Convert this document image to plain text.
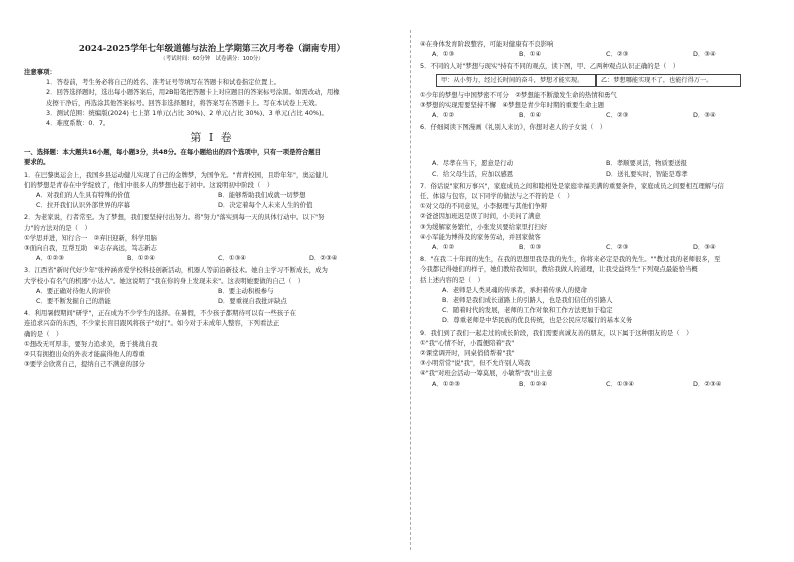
2024-2025学年七年级道德与法治上学期第三次月考卷（湖南专用）
（考试时间：60分钟　试卷满分：100分）
注意事项：
1．答卷前，考生务必将自己的姓名、准考证号等填写在答题卡和试卷指定位置上。
2．回答选择题时，选出每小题答案后，用2B铅笔把答题卡上对应题目的答案标号涂黑。如需改动，用橡
皮擦干净后，再选涂其他答案标号。回答非选择题时，将答案写在答题卡上。写在本试卷上无效。
3．测试范围：统编版(2024) 七上第 1单元(占比 30%)、2 单元(占比 30%)、3 单元(占比 40%)。
4．难度系数：0．7。
第 I 卷
一、选择题：本大题共16小题，每小题3分，共48分。在每小题给出的四个选项中，只有一项是符合题目
要求的。
1．在巴黎奥运会上，我国乡县运动健儿实现了自己的金牌梦，为国争光。"青青校园，且聆年年"，奥运健儿
们的梦想是青春在中学绽放了，他们中很多人的梦想也起于初中。这说明初中阶段（　）
A．对我们的人生具有特殊的价值	B．能够帮助我们成就一切梦想
C．拉开我们认识外部世界的序幕	D．决定着每个人未来人生的价值
2．为老家说，行者常至。为了梦想，我们要坚持付出努力。将"努力"落实到每一天的具体行动中。以下"努
力"的方法对的是（　）
①学思并进，知行合一　②弃旧迎新，科学用脑
③面向自我，互帮互助　④志存高远，笃志新志
A．①②③	B．①②④	C．①③④	D．②③④
3．江西省"新时代好少年"张梓涵喜爱学校科技创新活动，机器人等前沿新技术。她自主学习不断成长，成为
大学校小有名气的机器"小达人"。她这说明了"我在你的身上发现未来"。这表明她要做的自己（　）
A．要正确对待他人的评价	B．要主动积极参与
C．要不断发掘自己的潜能	D．要重视自我批评缺点
4．利用暑假期间"研学"，正在成为不少学生的选择。在暑假，不少孩子都期待可以有一些孩子在
连追求兴奋的东西，不少家长盲目跟风将孩子"幼打"。如今对于未成年人整容，下列看法正
确的是（　）
①想改无可厚非，要努力追求美，勇于挑战自我
②只有拥抱出众的外表才能赢得他人的尊重
③要学会欣赏自己，提纳自己不满意的部分
④在身体发育阶段整容，可能对健康有不良影响
A．①③	B．①④	C．②③	D．③④
5．不同的人对"梦想与现实"持有不同的观点，读下图，甲、乙两种观点认识正确的是（　）
甲：从小努力，经过长时间的奋斗，梦想才能实现。	乙：梦想哪能实现不了，也能行得万一。
①少年的梦想与中国梦密不可分　②梦想能不断激发生命的热情和勇气
③梦想的实现需要坚持不懈　④梦想是青少年时期的重要生命主题
A．①②	B．①④	C．②③	D．③④
6．仔细阅读下图漫画《礼别人来访》，你想对老人的子女说（　）
A．尽孝在当下，愿意是行动	B．孝顺要灵活，物质要送报
C．给父母生活，应加以感恩	D．送礼要实时，智能是尊孝
7．俗话说"家和万事兴"，家庭成员之间和睦相处是家庭幸福美满的重要条件，家庭成员之间要相互理解与信
任、体谅与包容，以下同学的做法与之不符的是（　）
①对父母的不同意见，小李据理与其他们争辩
②爸爸因加班迟是误了时间，小美问了满意
③为缓解家务繁忙，小张发贝要给家里打扫好
④小军能为博得及的家务劳动，并回家做客
A．①②	B．①③	C．②③	D．③④
8．"在我二十年间的先生，在我的思想里我是我的先生，你将来必定是我的先生。""教过我的老师很多，至
今我都记得她们的样子，她们教给我知识，教给我做人的道理，让我受益终生"下列观点最能恰当概
括上述内容的是（　）
A．老师是人类灵魂的传承者，承担着传承人的使命
B．老师是我们成长道路上的引路人，也是我们信任的引路人
C．随着时代的发展，老师的工作对象和工作方法更加于稳定
D．尊重老师是中华民族的优良传统，也是公民应尽履行的基本义务
9．我们到了我们一起走过的成长阶段，我们需要真诚友善的朋友，以下属于这种朋友的是（　）
①"我"心情不好，小霞便陪着"我"
②课堂调开时，同桌俏俏帮着"我"
③小明常常"说"我"，但不允许别人骂我
④"我"对班会活动一筹莫展，小敏帮"我"出主意
A．①②③	B．①②④	C．①③④	D．②③④
